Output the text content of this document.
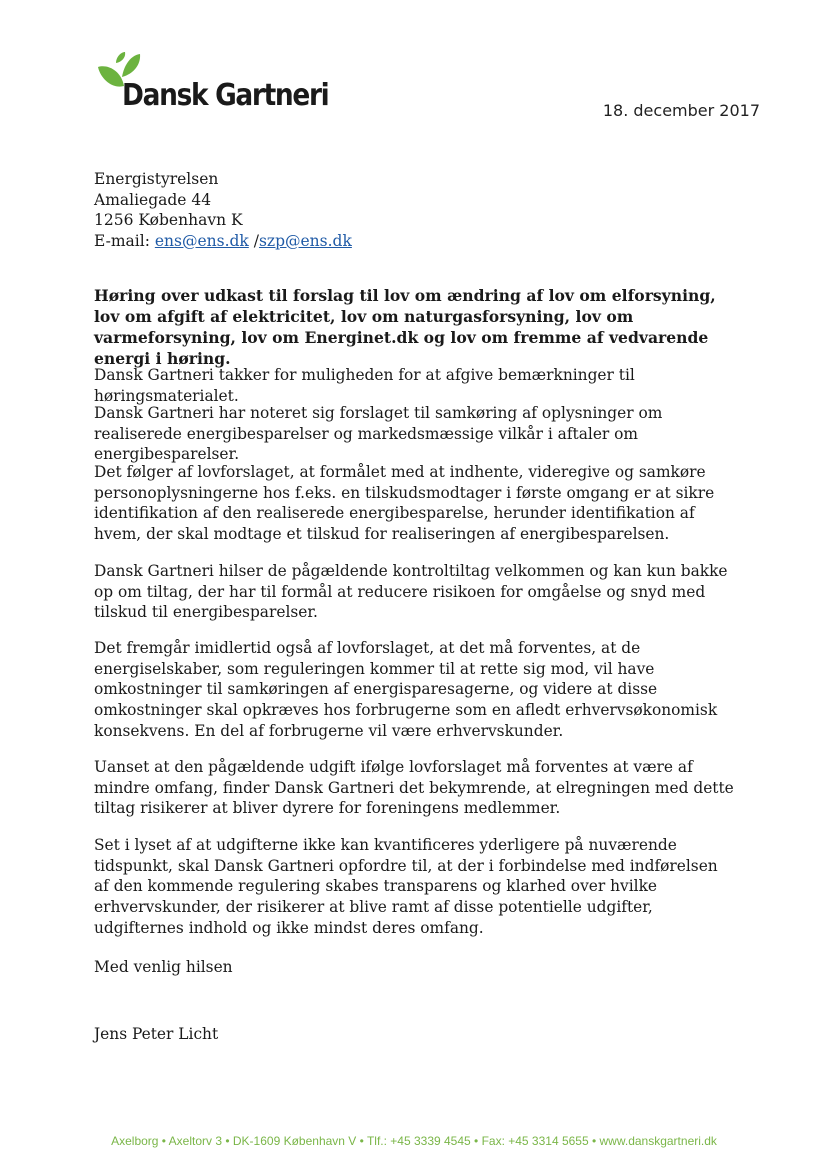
Dansk Gartneri	18. december 2017
Energistyrelsen
Amaliegade 44
1256 København K
E-mail: ens@ens.dk /szp@ens.dk

Høring over udkast til forslag til lov om ændring af lov om elforsyning, lov om afgift af elektricitet, lov om naturgasforsyning, lov om varmeforsyning, lov om Energinet.dk og lov om fremme af vedvarende energi i høring.

Dansk Gartneri takker for muligheden for at afgive bemærkninger til høringsmaterialet.

Dansk Gartneri har noteret sig forslaget til samkøring af oplysninger om realiserede energibesparelser og markedsmæssige vilkår i aftaler om energibesparelser.

Det følger af lovforslaget, at formålet med at indhente, videregive og samkøre personoplysningerne hos f.eks. en tilskudsmodtager i første omgang er at sikre identifikation af den realiserede energibesparelse, herunder identifikation af hvem, der skal modtage et tilskud for realiseringen af energibesparelsen.

Dansk Gartneri hilser de pågældende kontroltiltag velkommen og kan kun bakke op om tiltag, der har til formål at reducere risikoen for omgåelse og snyd med tilskud til energibesparelser.

Det fremgår imidlertid også af lovforslaget, at det må forventes, at de energiselskaber, som reguleringen kommer til at rette sig mod, vil have omkostninger til samkøringen af energisparesagerne, og videre at disse omkostninger skal opkræves hos forbrugerne som en afledt erhvervsøkonomisk konsekvens. En del af forbrugerne vil være erhvervskunder.

Uanset at den pågældende udgift ifølge lovforslaget må forventes at være af mindre omfang, finder Dansk Gartneri det bekymrende, at elregningen med dette tiltag risikerer at bliver dyrere for foreningens medlemmer.

Set i lyset af at udgifterne ikke kan kvantificeres yderligere på nuværende tidspunkt, skal Dansk Gartneri opfordre til, at der i forbindelse med indførelsen af den kommende regulering skabes transparens og klarhed over hvilke erhvervskunder, der risikerer at blive ramt af disse potentielle udgifter, udgifternes indhold og ikke mindst deres omfang.

Med venlig hilsen

Jens Peter Licht

Axelborg • Axeltorv 3 • DK-1609 København V • Tlf.: +45 3339 4545 • Fax: +45 3314 5655 • www.danskgartneri.dk
